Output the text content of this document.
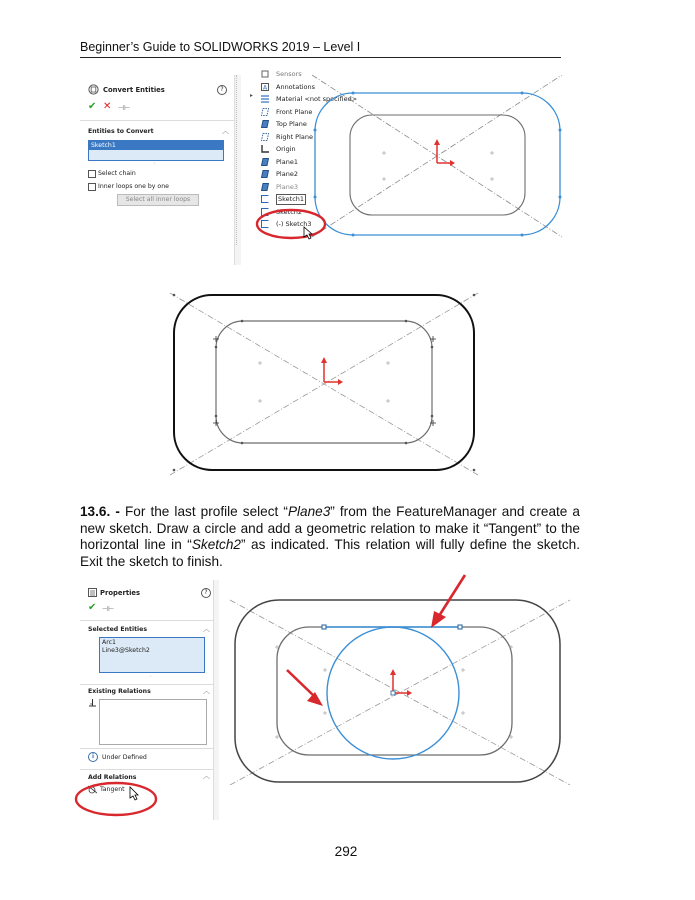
Beginner’s Guide to SOLIDWORKS 2019 – Level I
Convert Entities	?
✔ ✕ ⊣⊢
Entities to Convert	︿
Sketch1
◦
Select chain
Inner loops one by one
Select all inner loops
▸
Sensors
A Annotations
Material <not specified>
Front Plane
Top Plane
Right Plane
Origin
Plane1
Plane2
Plane3
Sketch1
Sketch2
(-) Sketch3
13.6. - For the last profile select “Plane3” from the FeatureManager and create a new sketch. Draw a circle and add a geometric relation to make it “Tangent” to the horizontal line in “Sketch2” as indicated. This relation will fully define the sketch. Exit the sketch to finish.
Properties	?
✔ ⊣⊢
Selected Entities	︿
Arc1
Line3@Sketch2
◦
Existing Relations	︿
i	Under Defined
Add Relations	︿
Tangent
292
